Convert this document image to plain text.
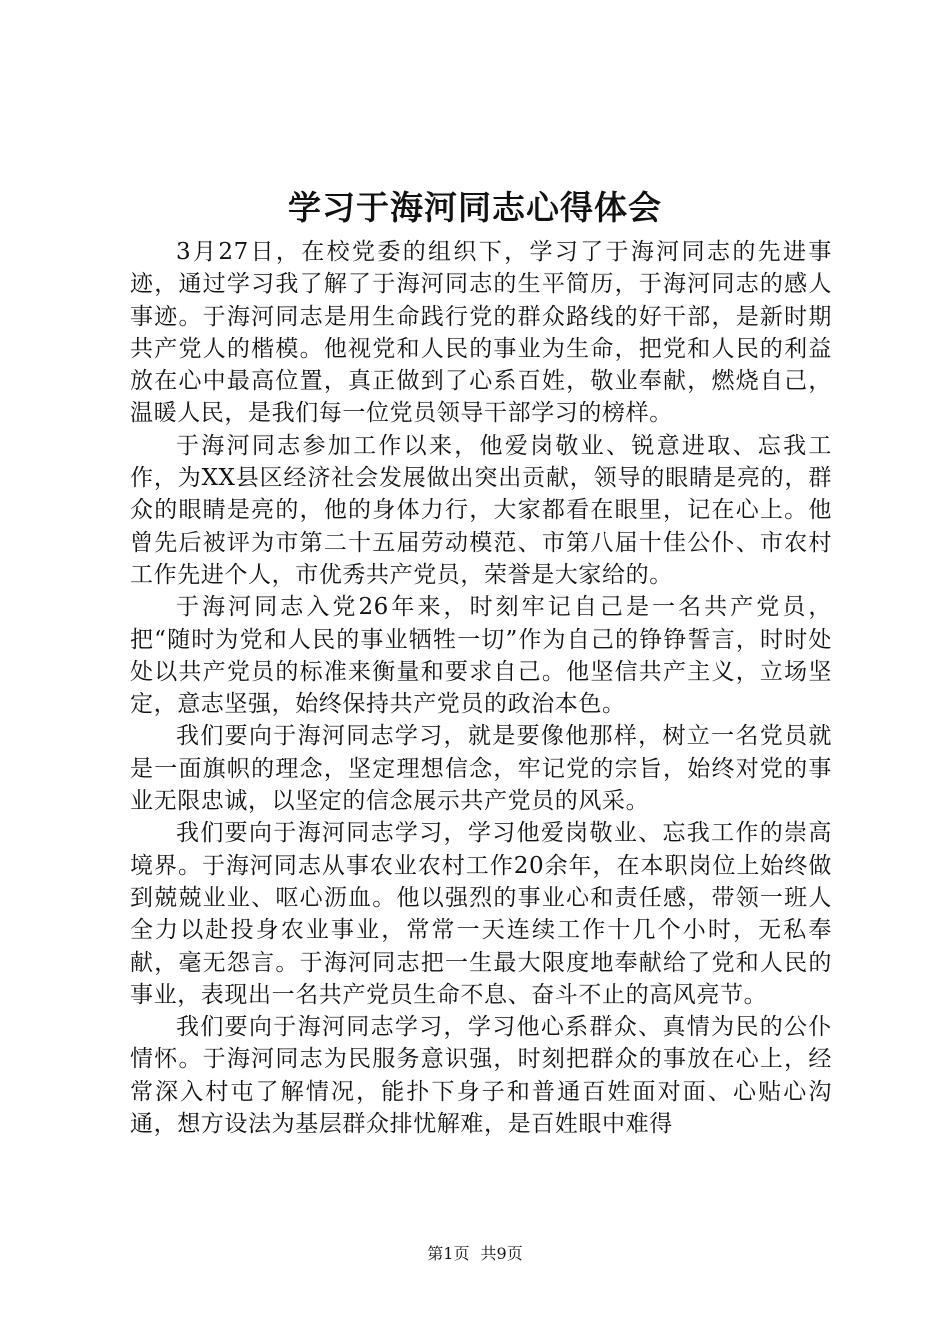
学习于海河同志心得体会

3月27日，在校党委的组织下，学习了于海河同志的先进事迹，通过学习我了解了于海河同志的生平简历，于海河同志的感人事迹。于海河同志是用生命践行党的群众路线的好干部，是新时期共产党人的楷模。他视党和人民的事业为生命，把党和人民的利益放在心中最高位置，真正做到了心系百姓，敬业奉献，燃烧自己，温暖人民，是我们每一位党员领导干部学习的榜样。

于海河同志参加工作以来，他爱岗敬业、锐意进取、忘我工作，为XX县区经济社会发展做出突出贡献，领导的眼睛是亮的，群众的眼睛是亮的，他的身体力行，大家都看在眼里，记在心上。他曾先后被评为市第二十五届劳动模范、市第八届十佳公仆、市农村工作先进个人，市优秀共产党员，荣誉是大家给的。

于海河同志入党26年来，时刻牢记自己是一名共产党员，把“随时为党和人民的事业牺牲一切”作为自己的铮铮誓言，时时处处以共产党员的标准来衡量和要求自己。他坚信共产主义，立场坚定，意志坚强，始终保持共产党员的政治本色。

我们要向于海河同志学习，就是要像他那样，树立一名党员就是一面旗帜的理念，坚定理想信念，牢记党的宗旨，始终对党的事业无限忠诚，以坚定的信念展示共产党员的风采。

我们要向于海河同志学习，学习他爱岗敬业、忘我工作的崇高境界。于海河同志从事农业农村工作20余年，在本职岗位上始终做到兢兢业业、呕心沥血。他以强烈的事业心和责任感，带领一班人全力以赴投身农业事业，常常一天连续工作十几个小时，无私奉献，毫无怨言。于海河同志把一生最大限度地奉献给了党和人民的事业，表现出一名共产党员生命不息、奋斗不止的高风亮节。

我们要向于海河同志学习，学习他心系群众、真情为民的公仆情怀。于海河同志为民服务意识强，时刻把群众的事放在心上，经常深入村屯了解情况，能扑下身子和普通百姓面对面、心贴心沟通，想方设法为基层群众排忧解难，是百姓眼中难得

第1页 共9页
